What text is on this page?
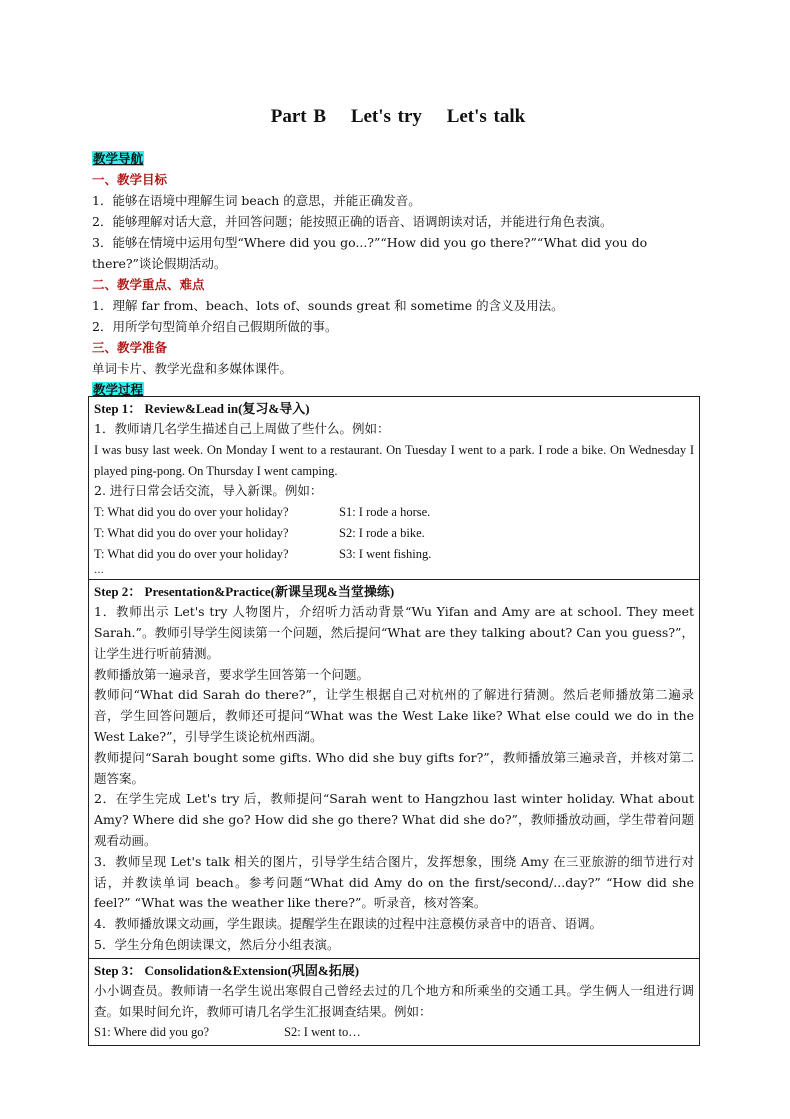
Part B Let's try Let's talk
教学导航
一、教学目标
1．能够在语境中理解生词 beach 的意思，并能正确发音。
2．能够理解对话大意，并回答问题；能按照正确的语音、语调朗读对话，并能进行角色表演。
3．能够在情境中运用句型“Where did you go...?”“How did you go there?”“What did you do there?”谈论假期活动。
二、教学重点、难点
1．理解 far from、beach、lots of、sounds great 和 sometime 的含义及用法。
2．用所学句型简单介绍自己假期所做的事。
三、教学准备
单词卡片、教学光盘和多媒体课件。
教学过程
Step 1： Review&Lead in(复习&导入)
1．教师请几名学生描述自己上周做了些什么。例如：
I was busy last week. On Monday I went to a restaurant. On Tuesday I went to a park. I rode a bike. On Wednesday I played ping-pong. On Thursday I went camping.
2. 进行日常会话交流，导入新课。例如：
T: What did you do over your holiday?	S1: I rode a horse.
T: What did you do over your holiday?	S2: I rode a bike.
T: What did you do over your holiday?	S3: I went fishing.
…

Step 2： Presentation&Practice(新课呈现&当堂操练)
1．教师出示 Let's try 人物图片，介绍听力活动背景“Wu Yifan and Amy are at school. They meet Sarah.”。教师引导学生阅读第一个问题，然后提问“What are they talking about? Can you guess?”，让学生进行听前猜测。
教师播放第一遍录音，要求学生回答第一个问题。
教师问“What did Sarah do there?”，让学生根据自己对杭州的了解进行猜测。然后老师播放第二遍录音，学生回答问题后，教师还可提问“What was the West Lake like? What else could we do in the West Lake?”，引导学生谈论杭州西湖。
教师提问“Sarah bought some gifts. Who did she buy gifts for?”，教师播放第三遍录音，并核对第二题答案。
2．在学生完成 Let's try 后，教师提问“Sarah went to Hangzhou last winter holiday. What about Amy? Where did she go? How did she go there? What did she do?”，教师播放动画，学生带着问题观看动画。
3．教师呈现 Let's talk 相关的图片，引导学生结合图片，发挥想象，围绕 Amy 在三亚旅游的细节进行对话，并教读单词 beach。参考问题“What did Amy do on the first/second/...day?” “How did she feel?” “What was the weather like there?”。听录音，核对答案。
4．教师播放课文动画，学生跟读。提醒学生在跟读的过程中注意模仿录音中的语音、语调。
5．学生分角色朗读课文，然后分小组表演。

Step 3： Consolidation&Extension(巩固&拓展)
小小调查员。教师请一名学生说出寒假自己曾经去过的几个地方和所乘坐的交通工具。学生俩人一组进行调查。如果时间允许，教师可请几名学生汇报调查结果。例如：
S1: Where did you go?	S2: I went to…
